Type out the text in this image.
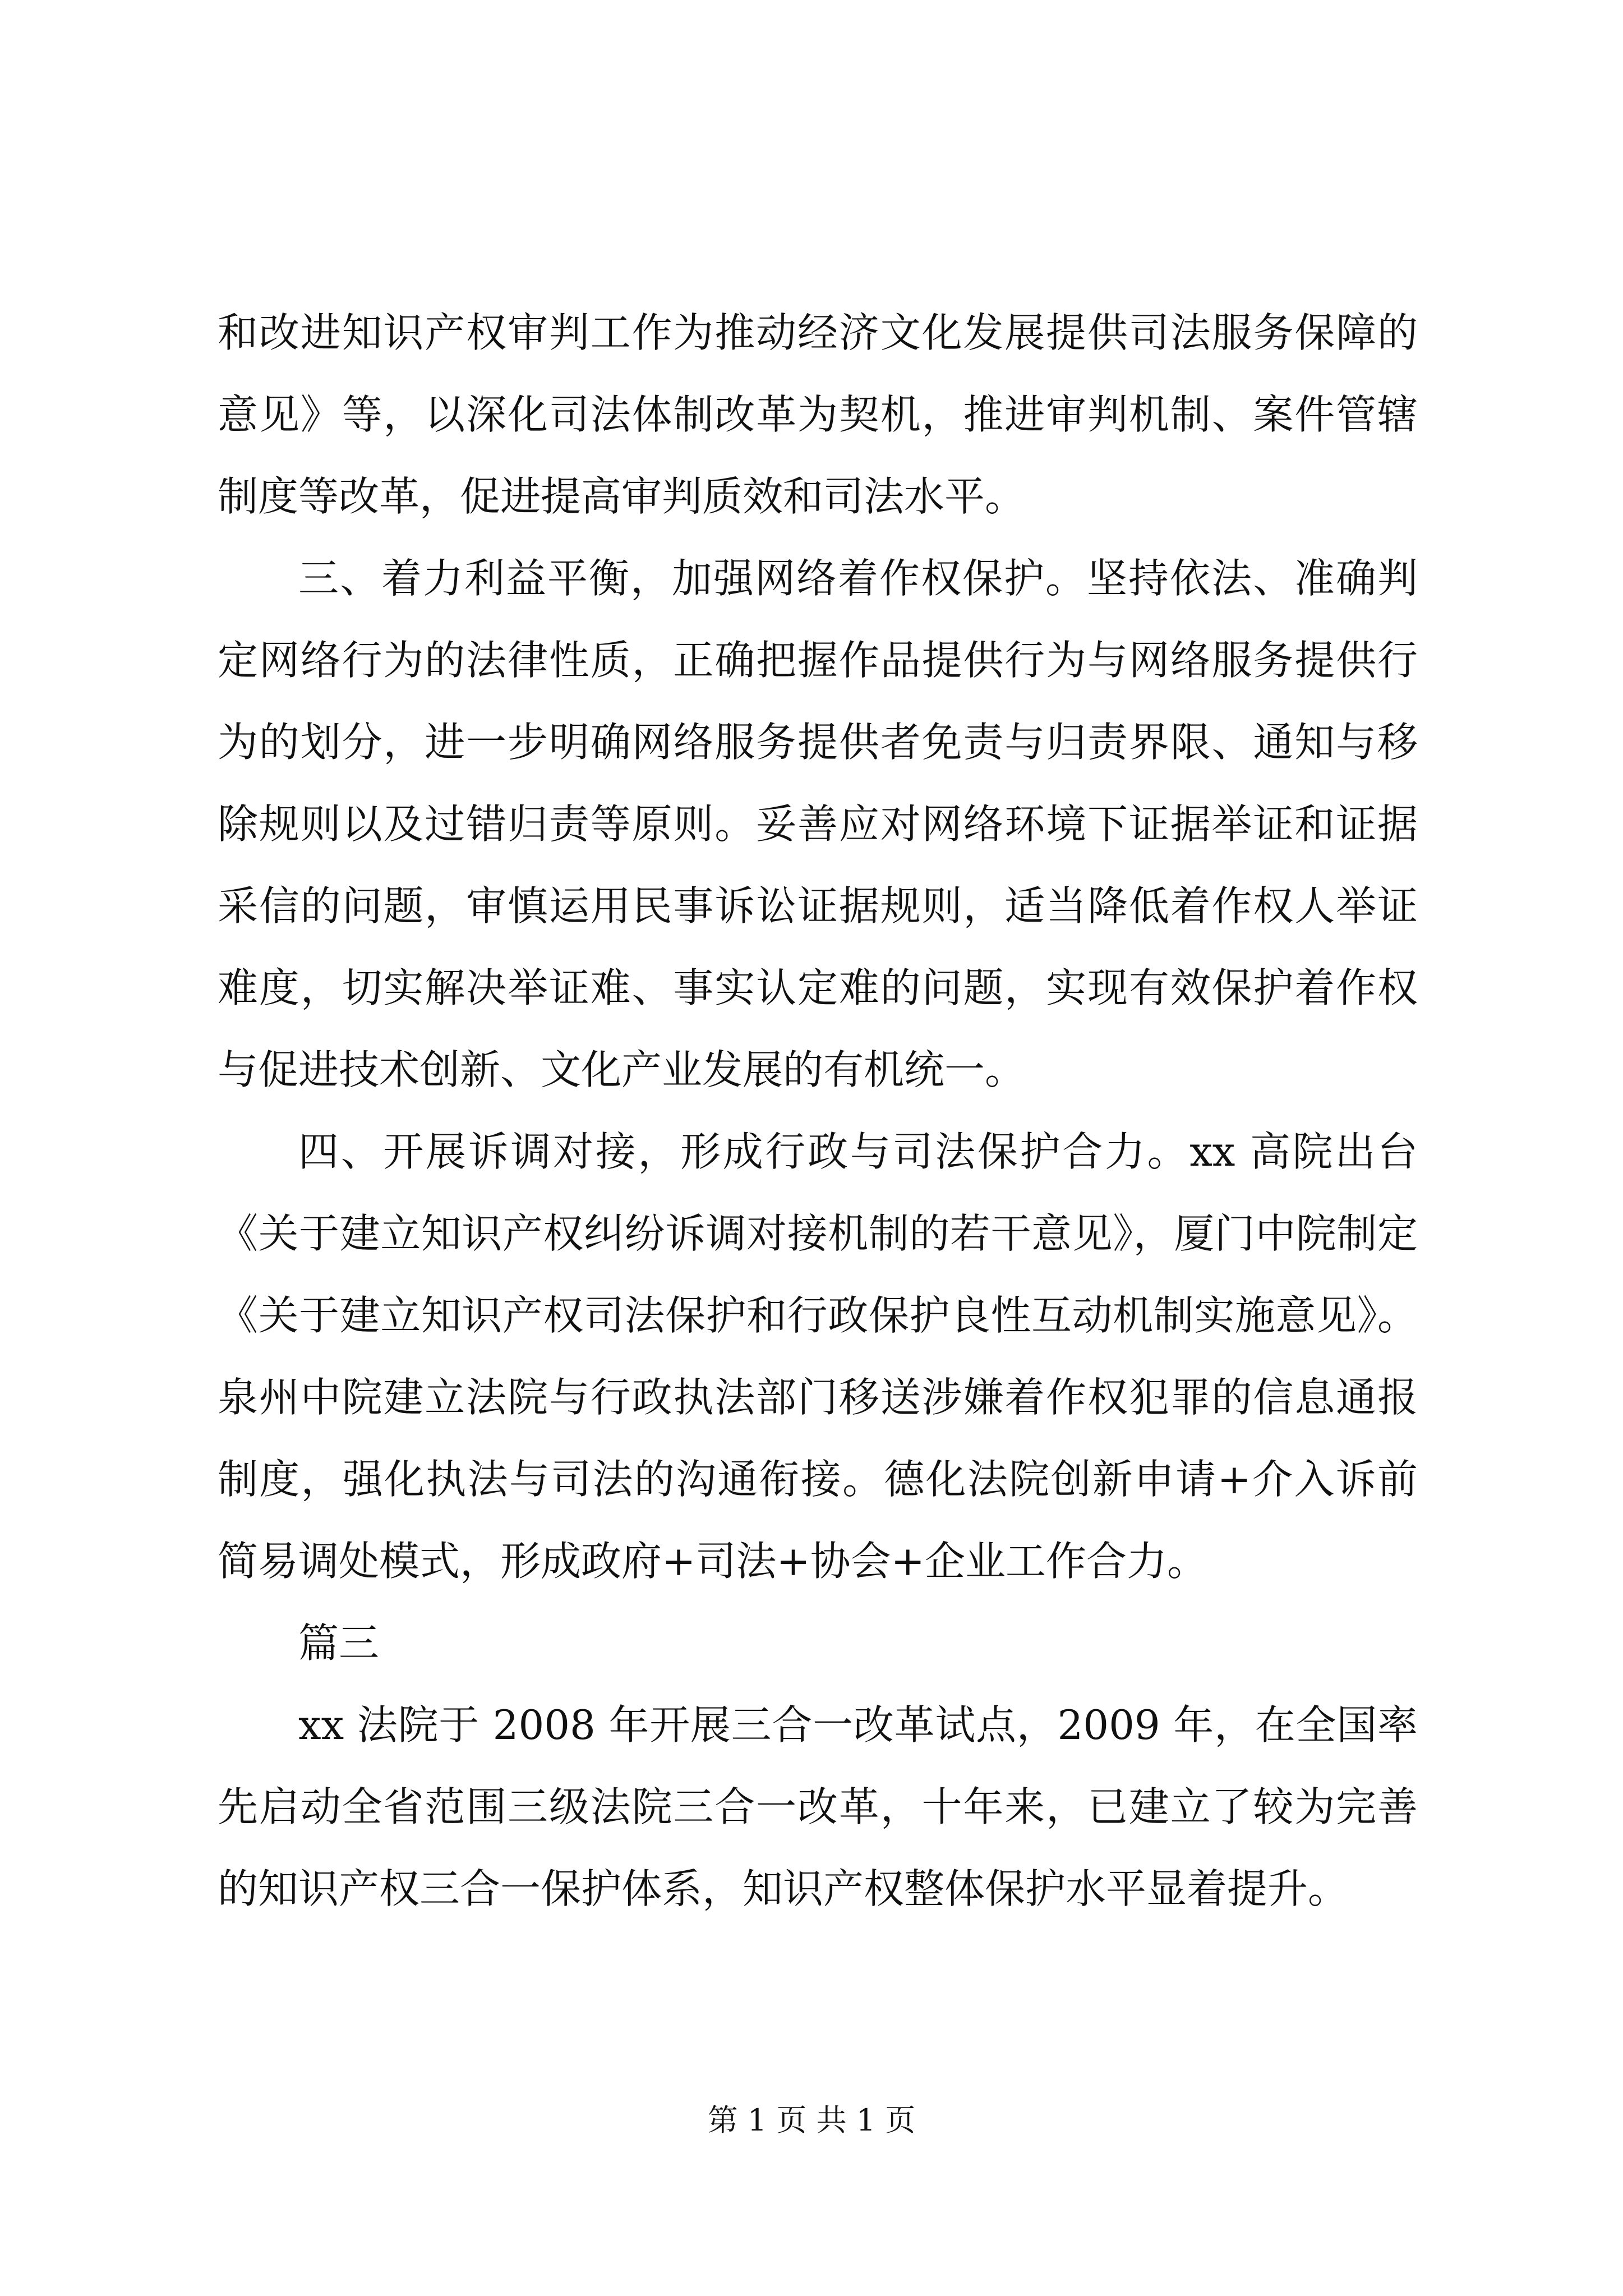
和改进知识产权审判工作为推动经济文化发展提供司法服务保障的意见》等，以深化司法体制改革为契机，推进审判机制、案件管辖制度等改革，促进提高审判质效和司法水平。

三、着力利益平衡，加强网络着作权保护。坚持依法、准确判定网络行为的法律性质，正确把握作品提供行为与网络服务提供行为的划分，进一步明确网络服务提供者免责与归责界限、通知与移除规则以及过错归责等原则。妥善应对网络环境下证据举证和证据采信的问题，审慎运用民事诉讼证据规则，适当降低着作权人举证难度，切实解决举证难、事实认定难的问题，实现有效保护着作权与促进技术创新、文化产业发展的有机统一。

四、开展诉调对接，形成行政与司法保护合力。xx 高院出台《关于建立知识产权纠纷诉调对接机制的若干意见》，厦门中院制定《关于建立知识产权司法保护和行政保护良性互动机制实施意见》。泉州中院建立法院与行政执法部门移送涉嫌着作权犯罪的信息通报制度，强化执法与司法的沟通衔接。德化法院创新申请+介入诉前简易调处模式，形成政府+司法+协会+企业工作合力。

篇三

xx 法院于 2008 年开展三合一改革试点，2009 年，在全国率先启动全省范围三级法院三合一改革，十年来，已建立了较为完善的知识产权三合一保护体系，知识产权整体保护水平显着提升。

第 1 页 共 1 页
